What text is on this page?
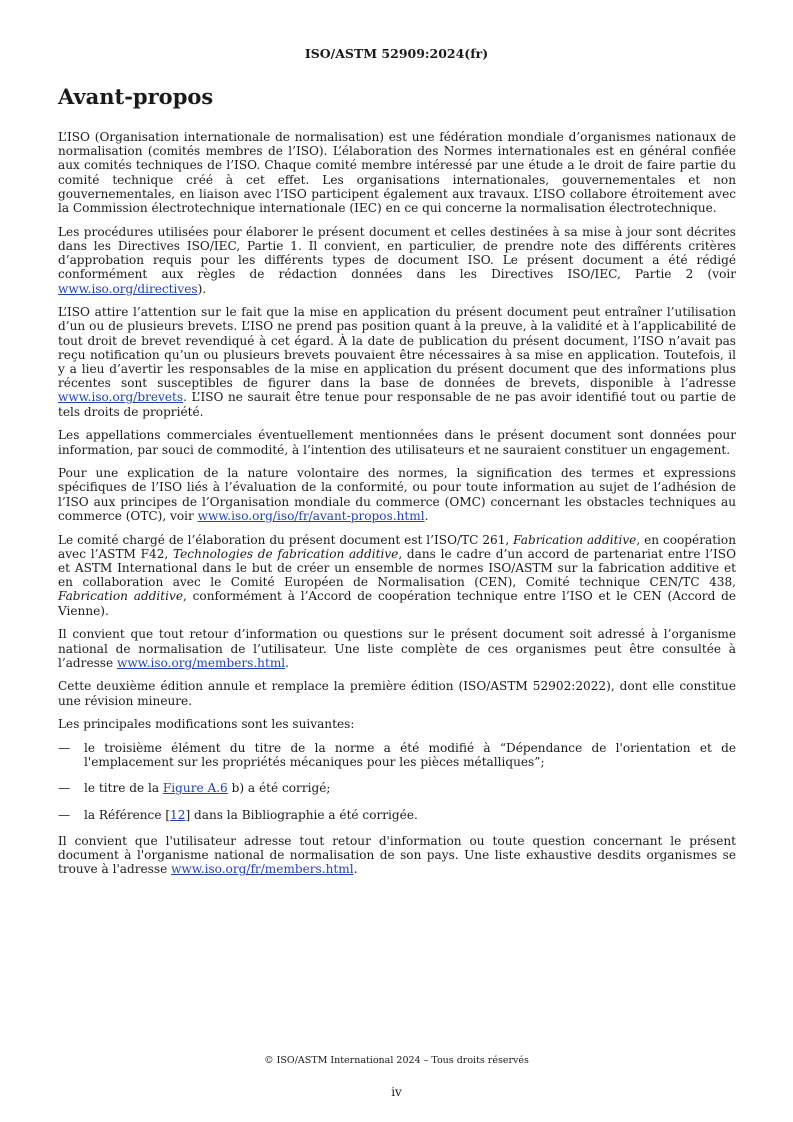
ISO/ASTM 52909:2024(fr)
Avant-propos

L’ISO (Organisation internationale de normalisation) est une fédération mondiale d’organismes nationaux de normalisation (comités membres de l’ISO). L’élaboration des Normes internationales est en général confiée aux comités techniques de l’ISO. Chaque comité membre intéressé par une étude a le droit de faire partie du comité technique créé à cet effet. Les organisations internationales, gouvernementales et non gouvernementales, en liaison avec l’ISO participent également aux travaux. L’ISO collabore étroitement avec la Commission électrotechnique internationale (IEC) en ce qui concerne la normalisation électrotechnique.

Les procédures utilisées pour élaborer le présent document et celles destinées à sa mise à jour sont décrites dans les Directives ISO/IEC, Partie 1. Il convient, en particulier, de prendre note des différents critères d’approbation requis pour les différents types de document ISO. Le présent document a été rédigé conformément aux règles de rédaction données dans les Directives ISO/IEC, Partie 2 (voir www.iso.org/directives).

L’ISO attire l’attention sur le fait que la mise en application du présent document peut entraîner l’utilisation d’un ou de plusieurs brevets. L’ISO ne prend pas position quant à la preuve, à la validité et à l’applicabilité de tout droit de brevet revendiqué à cet égard. À la date de publication du présent document, l’ISO n’avait pas reçu notification qu’un ou plusieurs brevets pouvaient être nécessaires à sa mise en application. Toutefois, il y a lieu d’avertir les responsables de la mise en application du présent document que des informations plus récentes sont susceptibles de figurer dans la base de données de brevets, disponible à l’adresse www.iso.org/brevets. L’ISO ne saurait être tenue pour responsable de ne pas avoir identifié tout ou partie de tels droits de propriété.

Les appellations commerciales éventuellement mentionnées dans le présent document sont données pour information, par souci de commodité, à l’intention des utilisateurs et ne sauraient constituer un engagement.

Pour une explication de la nature volontaire des normes, la signification des termes et expressions spécifiques de l’ISO liés à l’évaluation de la conformité, ou pour toute information au sujet de l’adhésion de l’ISO aux principes de l’Organisation mondiale du commerce (OMC) concernant les obstacles techniques au commerce (OTC), voir www.iso.org/iso/fr/avant-propos.html.

Le comité chargé de l’élaboration du présent document est l’ISO/TC 261, Fabrication additive, en coopération avec l’ASTM F42, Technologies de fabrication additive, dans le cadre d’un accord de partenariat entre l’ISO et ASTM International dans le but de créer un ensemble de normes ISO/ASTM sur la fabrication additive et en collaboration avec le Comité Européen de Normalisation (CEN), Comité technique CEN/TC 438, Fabrication additive, conformément à l’Accord de coopération technique entre l’ISO et le CEN (Accord de Vienne).

Il convient que tout retour d’information ou questions sur le présent document soit adressé à l’organisme national de normalisation de l’utilisateur. Une liste complète de ces organismes peut être consultée à l’adresse www.iso.org/members.html.

Cette deuxième édition annule et remplace la première édition (ISO/ASTM 52902:2022), dont elle constitue une révision mineure.

Les principales modifications sont les suivantes:

—	le troisième élément du titre de la norme a été modifié à “Dépendance de l'orientation et de l'emplacement sur les propriétés mécaniques pour les pièces métalliques”;
—	le titre de la Figure A.6 b) a été corrigé;
—	la Référence [12] dans la Bibliographie a été corrigée.

Il convient que l'utilisateur adresse tout retour d'information ou toute question concernant le présent document à l'organisme national de normalisation de son pays. Une liste exhaustive desdits organismes se trouve à l'adresse www.iso.org/fr/members.html.

© ISO/ASTM International 2024 – Tous droits réservés
iv
